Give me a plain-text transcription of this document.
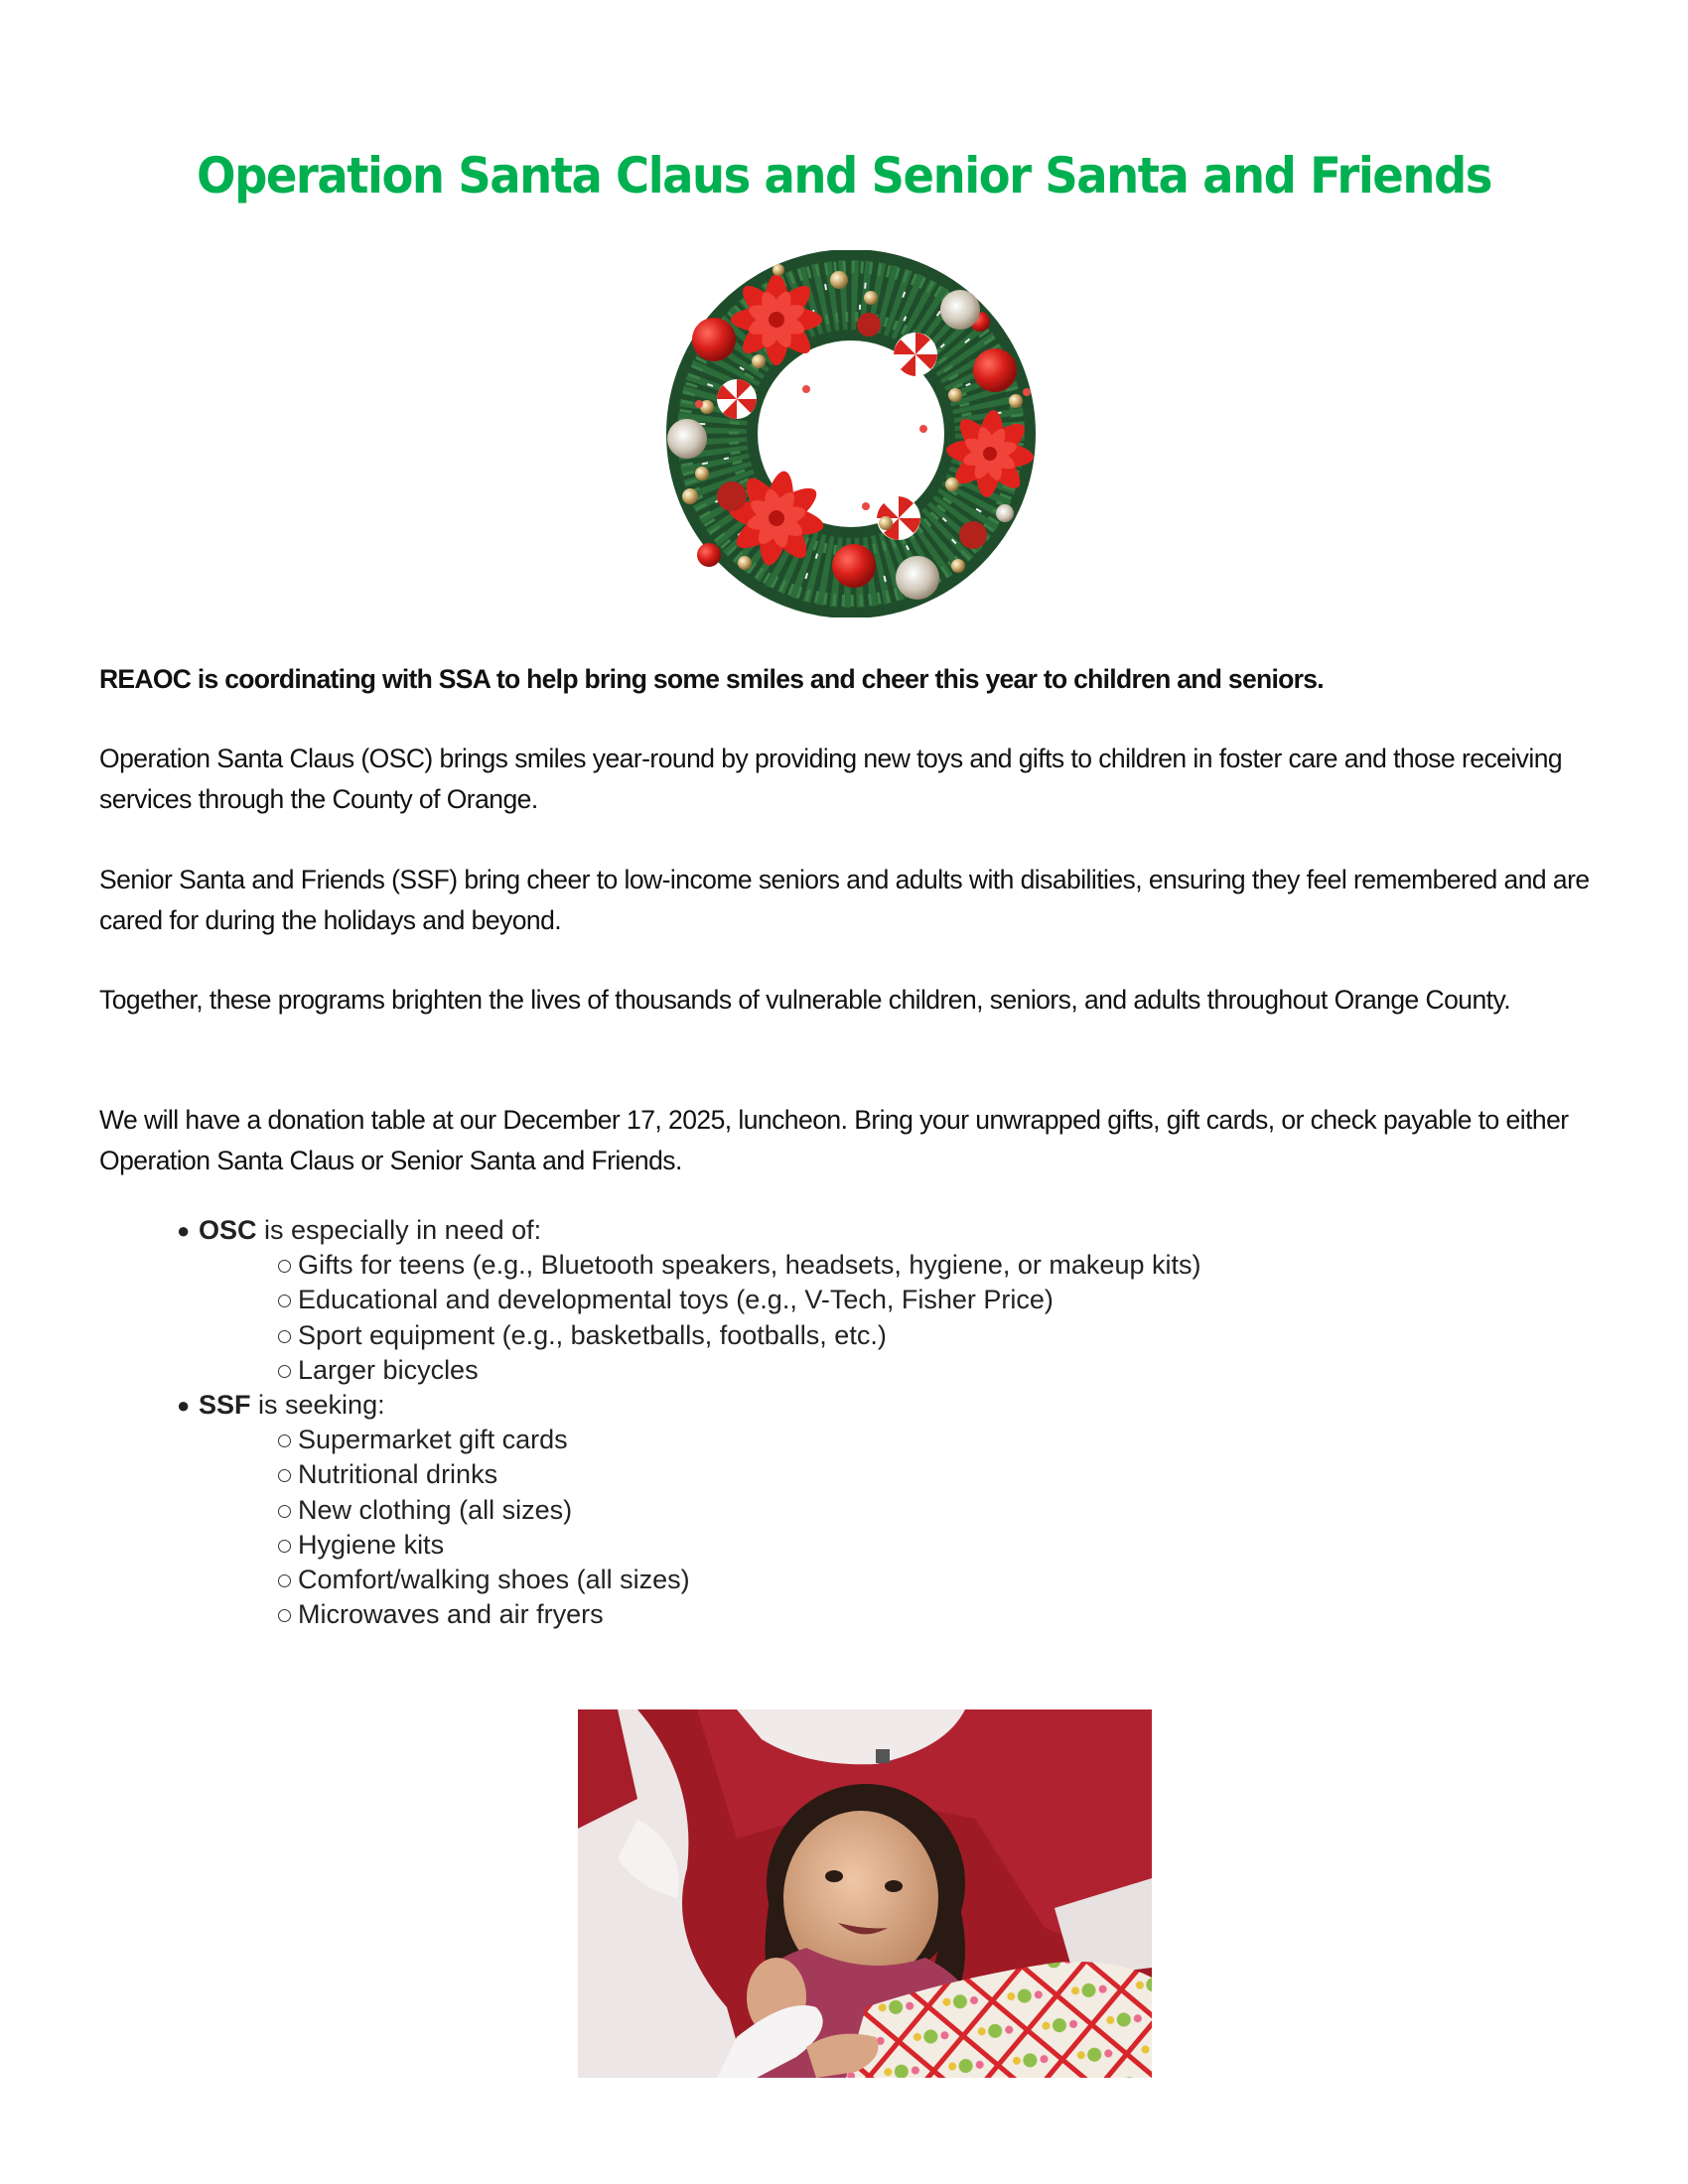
Operation Santa Claus and Senior Santa and Friends

REAOC is coordinating with SSA to help bring some smiles and cheer this year to children and seniors.

Operation Santa Claus (OSC) brings smiles year-round by providing new toys and gifts to children in foster care and those receiving services through the County of Orange.

Senior Santa and Friends (SSF) bring cheer to low-income seniors and adults with disabilities, ensuring they feel remembered and are cared for during the holidays and beyond.

Together, these programs brighten the lives of thousands of vulnerable children, seniors, and adults throughout Orange County.

We will have a donation table at our December 17, 2025, luncheon. Bring your unwrapped gifts, gift cards, or check payable to either Operation Santa Claus or Senior Santa and Friends.

● OSC is especially in need of:
Gifts for teens (e.g., Bluetooth speakers, headsets, hygiene, or makeup kits)
Educational and developmental toys (e.g., V-Tech, Fisher Price)
Sport equipment (e.g., basketballs, footballs, etc.)
Larger bicycles
● SSF is seeking:
Supermarket gift cards
Nutritional drinks
New clothing (all sizes)
Hygiene kits
Comfort/walking shoes (all sizes)
Microwaves and air fryers
